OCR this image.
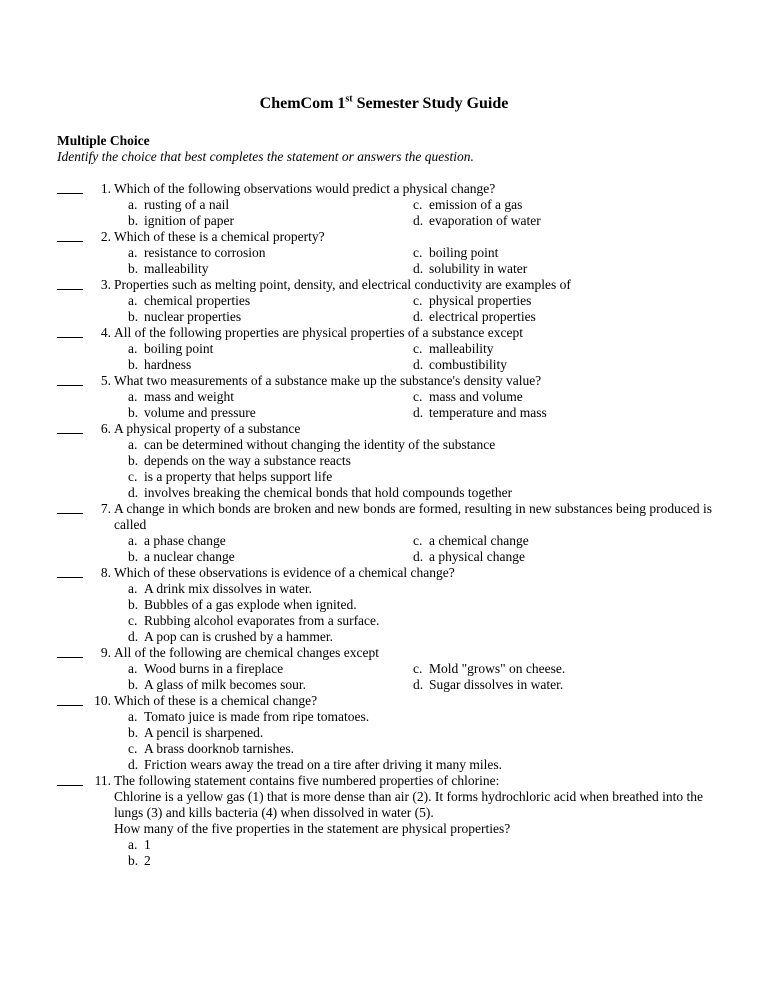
ChemCom 1st Semester Study Guide
Multiple Choice
Identify the choice that best completes the statement or answers the question.
1. Which of the following observations would predict a physical change?
a. rusting of a nail	c. emission of a gas
b. ignition of paper	d. evaporation of water
2. Which of these is a chemical property?
a. resistance to corrosion	c. boiling point
b. malleability	d. solubility in water
3. Properties such as melting point, density, and electrical conductivity are examples of
a. chemical properties	c. physical properties
b. nuclear properties	d. electrical properties
4. All of the following properties are physical properties of a substance except
a. boiling point	c. malleability
b. hardness	d. combustibility
5. What two measurements of a substance make up the substance's density value?
a. mass and weight	c. mass and volume
b. volume and pressure	d. temperature and mass
6. A physical property of a substance
a. can be determined without changing the identity of the substance
b. depends on the way a substance reacts
c. is a property that helps support life
d. involves breaking the chemical bonds that hold compounds together
7. A change in which bonds are broken and new bonds are formed, resulting in new substances being produced is called
a. a phase change	c. a chemical change
b. a nuclear change	d. a physical change
8. Which of these observations is evidence of a chemical change?
a. A drink mix dissolves in water.
b. Bubbles of a gas explode when ignited.
c. Rubbing alcohol evaporates from a surface.
d. A pop can is crushed by a hammer.
9. All of the following are chemical changes except
a. Wood burns in a fireplace	c. Mold "grows" on cheese.
b. A glass of milk becomes sour.	d. Sugar dissolves in water.
10. Which of these is a chemical change?
a. Tomato juice is made from ripe tomatoes.
b. A pencil is sharpened.
c. A brass doorknob tarnishes.
d. Friction wears away the tread on a tire after driving it many miles.
11. The following statement contains five numbered properties of chlorine:
Chlorine is a yellow gas (1) that is more dense than air (2). It forms hydrochloric acid when breathed into the lungs (3) and kills bacteria (4) when dissolved in water (5).
How many of the five properties in the statement are physical properties?
a. 1
b. 2
